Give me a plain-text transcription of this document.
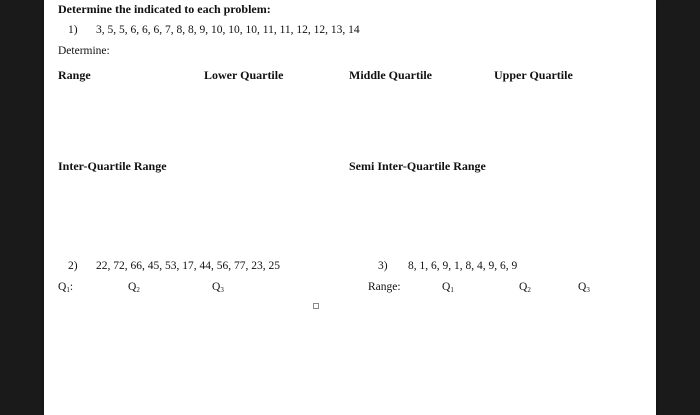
Determine the indicated to each problem:
1) 3, 5, 5, 6, 6, 6, 7, 8, 8, 9, 10, 10, 10, 11, 11, 12, 12, 13, 14
Determine:
Range	Lower Quartile	Middle Quartile	Upper Quartile
Inter-Quartile Range	Semi Inter-Quartile Range
2) 22, 72, 66, 45, 53, 17, 44, 56, 77, 23, 25
$Q_1$:	$Q_2$	$Q_3$
3) 8, 1, 6, 9, 1, 8, 4, 9, 6, 9
Range:	$Q_1$	$Q_2$	$Q_3$
